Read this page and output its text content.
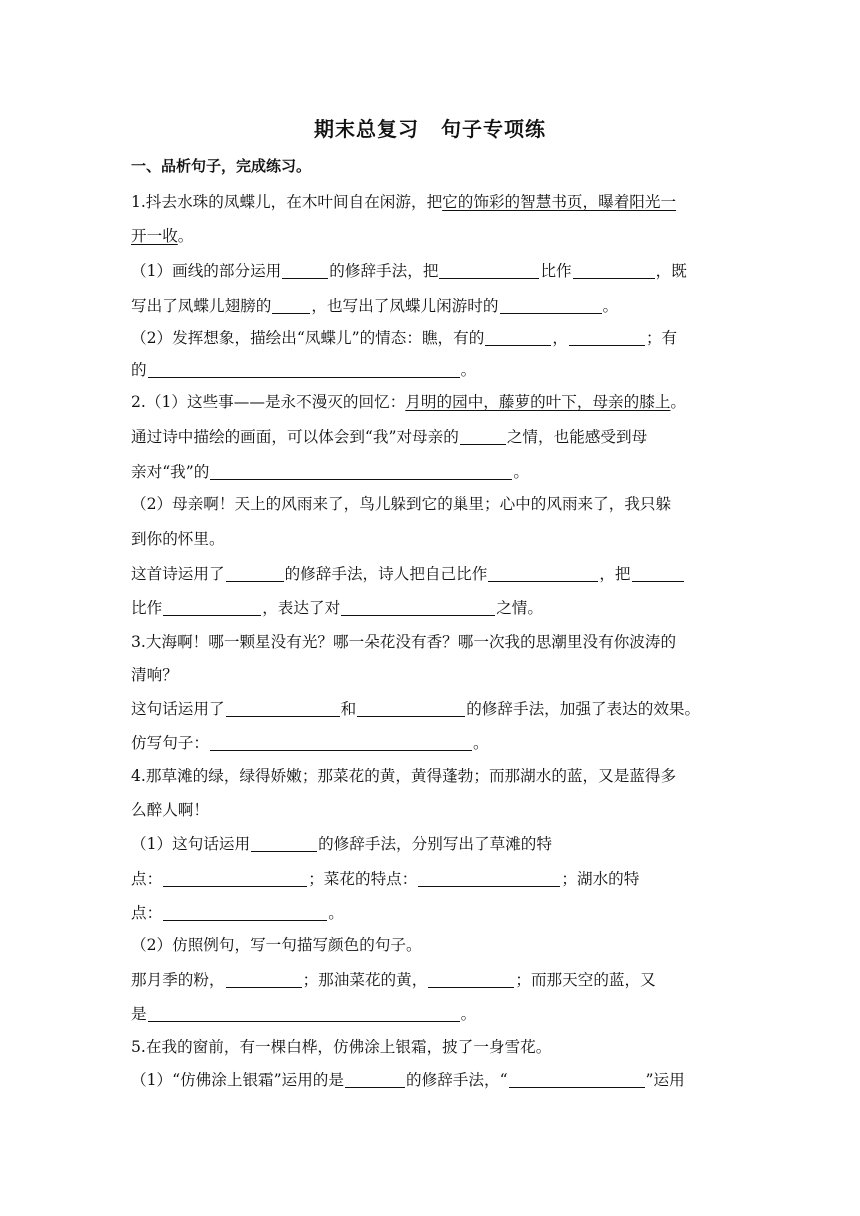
期末总复习 句子专项练
一、品析句子，完成练习。
1.抖去水珠的凤蝶儿，在木叶间自在闲游，把它的饰彩的智慧书页，曝着阳光一
开一收。
（1）画线的部分运用	的修辞手法，把	比作	，既
写出了凤蝶儿翅膀的	，也写出了凤蝶儿闲游时的	。
（2）发挥想象，描绘出“凤蝶儿”的情态：瞧，有的	，	；有
的	。
2.（1）这些事——是永不漫灭的回忆：月明的园中，藤萝的叶下，母亲的膝上。
通过诗中描绘的画面，可以体会到“我”对母亲的	之情，也能感受到母
亲对“我”的	。
（2）母亲啊！天上的风雨来了，鸟儿躲到它的巢里；心中的风雨来了，我只躲
到你的怀里。
这首诗运用了	的修辞手法，诗人把自己比作	，把
比作	，表达了对	之情。
3.大海啊！哪一颗星没有光？哪一朵花没有香？哪一次我的思潮里没有你波涛的
清响？
这句话运用了	和	的修辞手法，加强了表达的效果。
仿写句子：	。
4.那草滩的绿，绿得娇嫩；那菜花的黄，黄得蓬勃；而那湖水的蓝，又是蓝得多
么醉人啊！
（1）这句话运用	的修辞手法，分别写出了草滩的特
点：	；菜花的特点：	；湖水的特
点：	。
（2）仿照例句，写一句描写颜色的句子。
那月季的粉，	；那油菜花的黄，	；而那天空的蓝，又
是	。
5.在我的窗前，有一棵白桦，仿佛涂上银霜，披了一身雪花。
（1）“仿佛涂上银霜”运用的是	的修辞手法，“	”运用
